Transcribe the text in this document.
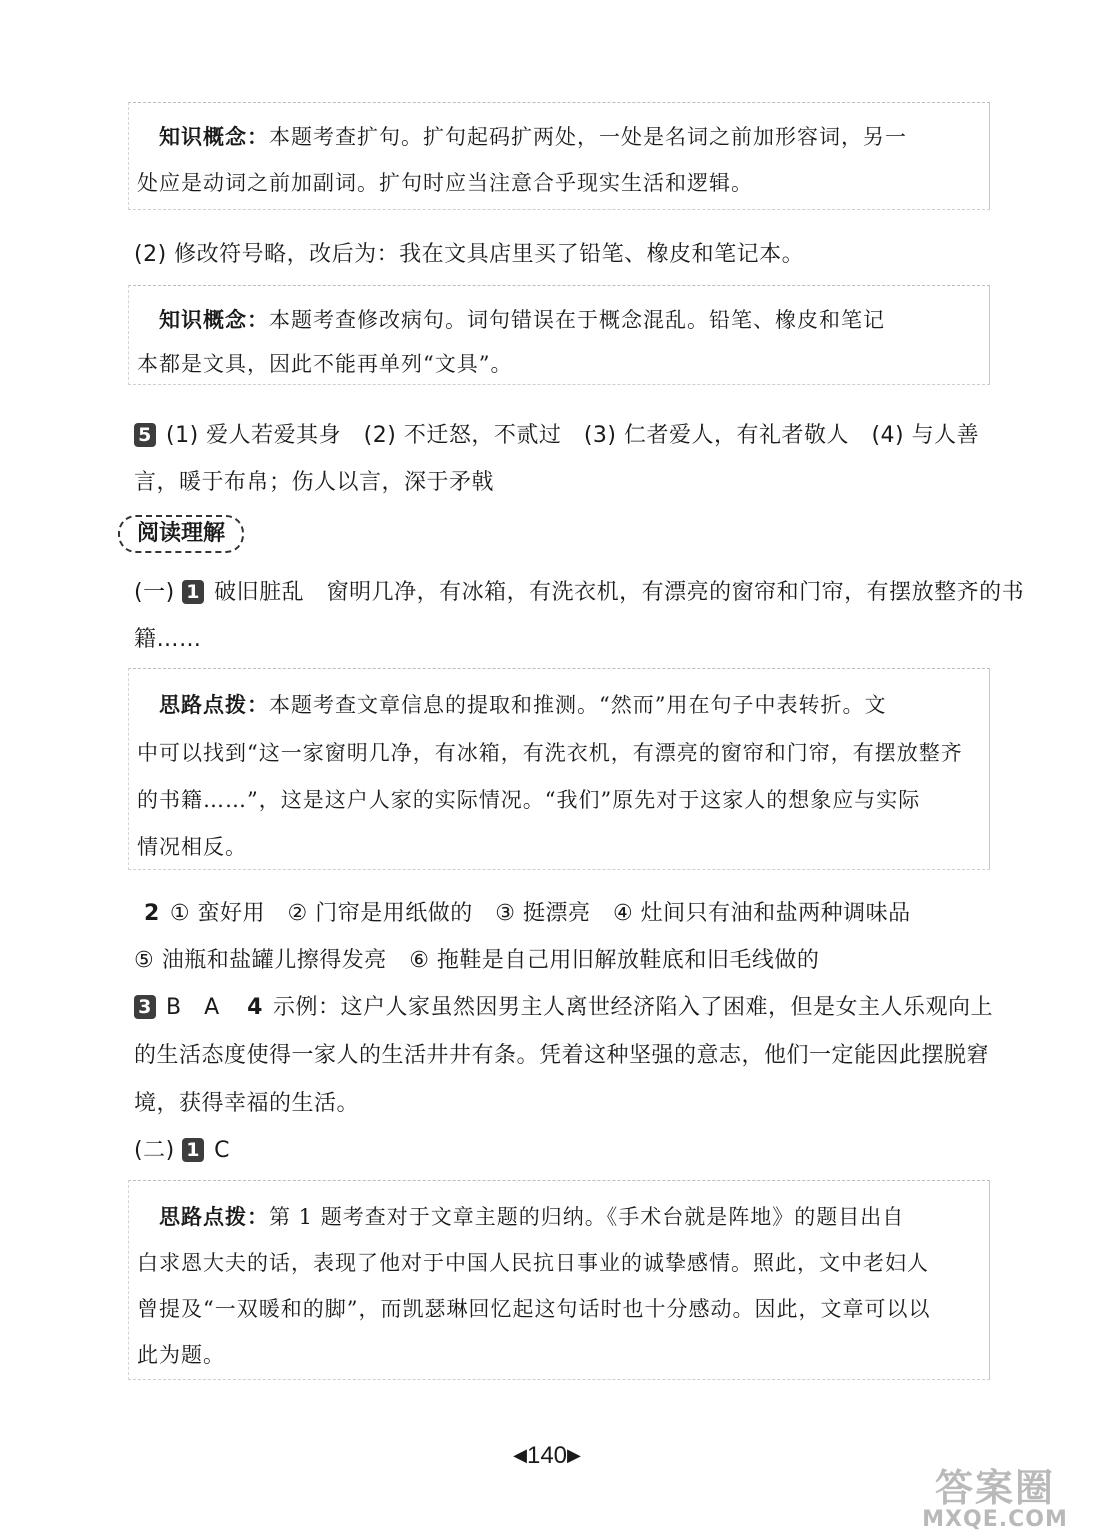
知识概念：本题考查扩句。扩句起码扩两处，一处是名词之前加形容词，另一
处应是动词之前加副词。扩句时应当注意合乎现实生活和逻辑。
(2) 修改符号略，改后为：我在文具店里买了铅笔、橡皮和笔记本。
知识概念：本题考查修改病句。词句错误在于概念混乱。铅笔、橡皮和笔记
本都是文具，因此不能再单列“文具”。
5 (1) 爱人若爱其身　(2) 不迁怒，不贰过　(3) 仁者爱人，有礼者敬人　(4) 与人善
言，暖于布帛；伤人以言，深于矛戟
阅读理解
(一) 1 破旧脏乱　窗明几净，有冰箱，有洗衣机，有漂亮的窗帘和门帘，有摆放整齐的书
籍……
思路点拨：本题考查文章信息的提取和推测。“然而”用在句子中表转折。文
中可以找到“这一家窗明几净，有冰箱，有洗衣机，有漂亮的窗帘和门帘，有摆放整齐
的书籍……”，这是这户人家的实际情况。“我们”原先对于这家人的想象应与实际
情况相反。
2 ① 蛮好用　② 门帘是用纸做的　③ 挺漂亮　④ 灶间只有油和盐两种调味品
⑤ 油瓶和盐罐儿擦得发亮　⑥ 拖鞋是自己用旧解放鞋底和旧毛线做的
3 B　A 4 示例：这户人家虽然因男主人离世经济陷入了困难，但是女主人乐观向上
的生活态度使得一家人的生活井井有条。凭着这种坚强的意志，他们一定能因此摆脱窘
境，获得幸福的生活。
(二) 1 C
思路点拨：第 1 题考查对于文章主题的归纳。《手术台就是阵地》的题目出自
白求恩大夫的话，表现了他对于中国人民抗日事业的诚挚感情。照此，文中老妇人
曾提及“一双暖和的脚”，而凯瑟琳回忆起这句话时也十分感动。因此，文章可以以
此为题。
◀140▶
答案圈
MXQE.COM
